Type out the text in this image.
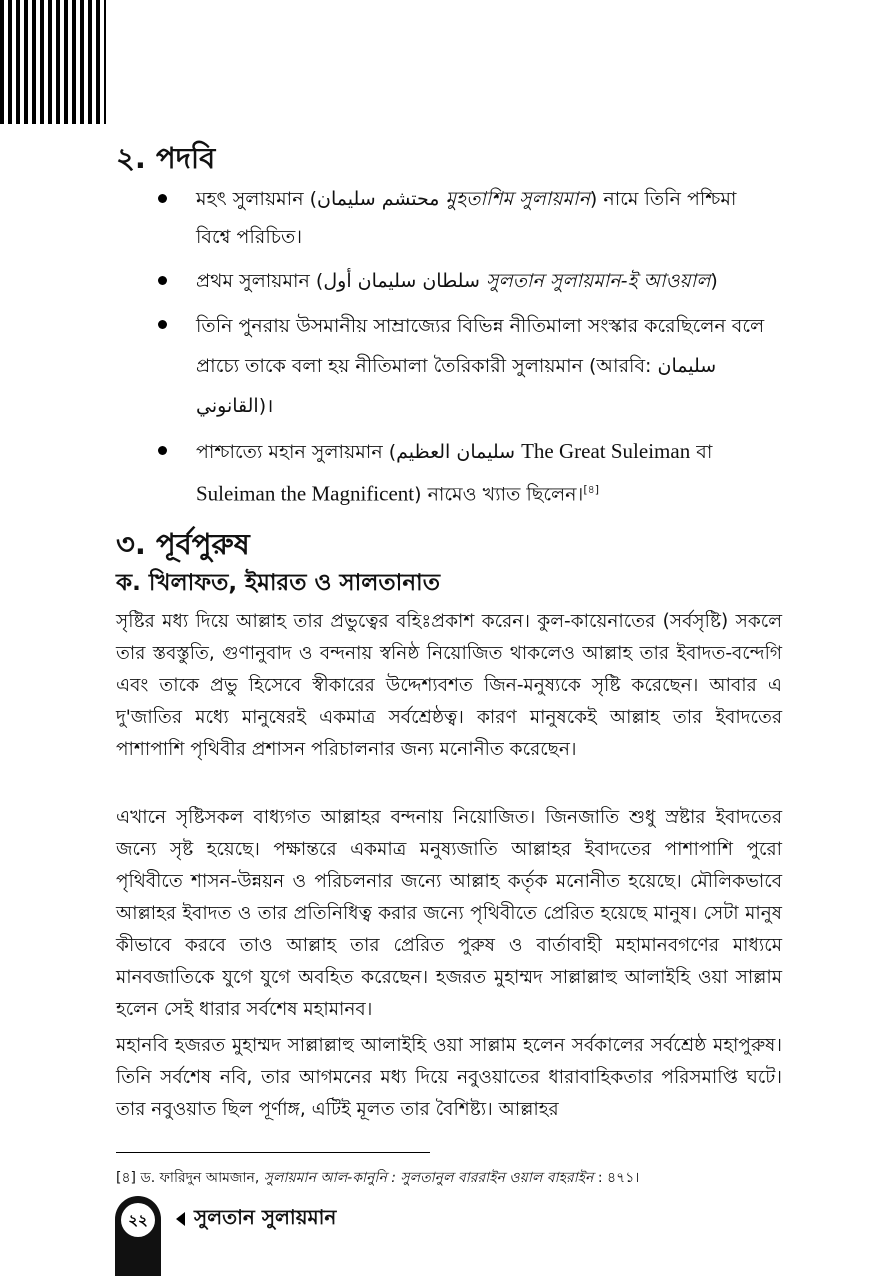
২. পদবি
মহৎ সুলায়মান (محتشم سليمان মুহতাশিম সুলায়মান) নামে তিনি পশ্চিমা বিশ্বে পরিচিত।
প্রথম সুলায়মান (سلطان سليمان أول সুলতান সুলায়মান-ই আওয়াল)
তিনি পুনরায় উসমানীয় সাম্রাজ্যের বিভিন্ন নীতিমালা সংস্কার করেছিলেন বলে প্রাচ্যে তাকে বলা হয় নীতিমালা তৈরিকারী সুলায়মান (আরবি: سليمان القانوني)।
পাশ্চাত্যে মহান সুলায়মান (سليمان العظيم The Great Suleiman বা Suleiman the Magnificent) নামেও খ্যাত ছিলেন।[৪]
৩. পূর্বপুরুষ
ক. খিলাফত, ইমারত ও সালতানাত
সৃষ্টির মধ্য দিয়ে আল্লাহ তার প্রভুত্বের বহিঃপ্রকাশ করেন। কুল-কায়েনাতের (সর্বসৃষ্টি) সকলে তার স্তবস্তুতি, গুণানুবাদ ও বন্দনায় স্বনিষ্ঠ নিয়োজিত থাকলেও আল্লাহ তার ইবাদত-বন্দেগি এবং তাকে প্রভু হিসেবে স্বীকারের উদ্দেশ্যবশত জিন-মনুষ্যকে সৃষ্টি করেছেন। আবার এ দু'জাতির মধ্যে মানুষেরই একমাত্র সর্বশ্রেষ্ঠত্ব। কারণ মানুষকেই আল্লাহ তার ইবাদতের পাশাপাশি পৃথিবীর প্রশাসন পরিচালনার জন্য মনোনীত করেছেন।
এখানে সৃষ্টিসকল বাধ্যগত আল্লাহর বন্দনায় নিয়োজিত। জিনজাতি শুধু স্রষ্টার ইবাদতের জন্যে সৃষ্ট হয়েছে। পক্ষান্তরে একমাত্র মনুষ্যজাতি আল্লাহর ইবাদতের পাশাপাশি পুরো পৃথিবীতে শাসন-উন্নয়ন ও পরিচলনার জন্যে আল্লাহ কর্তৃক মনোনীত হয়েছে। মৌলিকভাবে আল্লাহর ইবাদত ও তার প্রতিনিধিত্ব করার জন্যে পৃথিবীতে প্রেরিত হয়েছে মানুষ। সেটা মানুষ কীভাবে করবে তাও আল্লাহ তার প্রেরিত পুরুষ ও বার্তাবাহী মহামানবগণের মাধ্যমে মানবজাতিকে যুগে যুগে অবহিত করেছেন। হজরত মুহাম্মদ সাল্লাল্লাহু আলাইহি ওয়া সাল্লাম হলেন সেই ধারার সর্বশেষ মহামানব।
মহানবি হজরত মুহাম্মদ সাল্লাল্লাহু আলাইহি ওয়া সাল্লাম হলেন সর্বকালের সর্বশ্রেষ্ঠ মহাপুরুষ। তিনি সর্বশেষ নবি, তার আগমনের মধ্য দিয়ে নবুওয়াতের ধারাবাহিকতার পরিসমাপ্তি ঘটে। তার নবুওয়াত ছিল পূর্ণাঙ্গ, এটিই মূলত তার বৈশিষ্ট্য। আল্লাহর
[৪] ড. ফারিদুন আমজান, সুলায়মান আল-কানুনি : সুলতানুল বাররাইন ওয়াল বাহরাইন : ৪৭১।
২২	সুলতান সুলায়মান
